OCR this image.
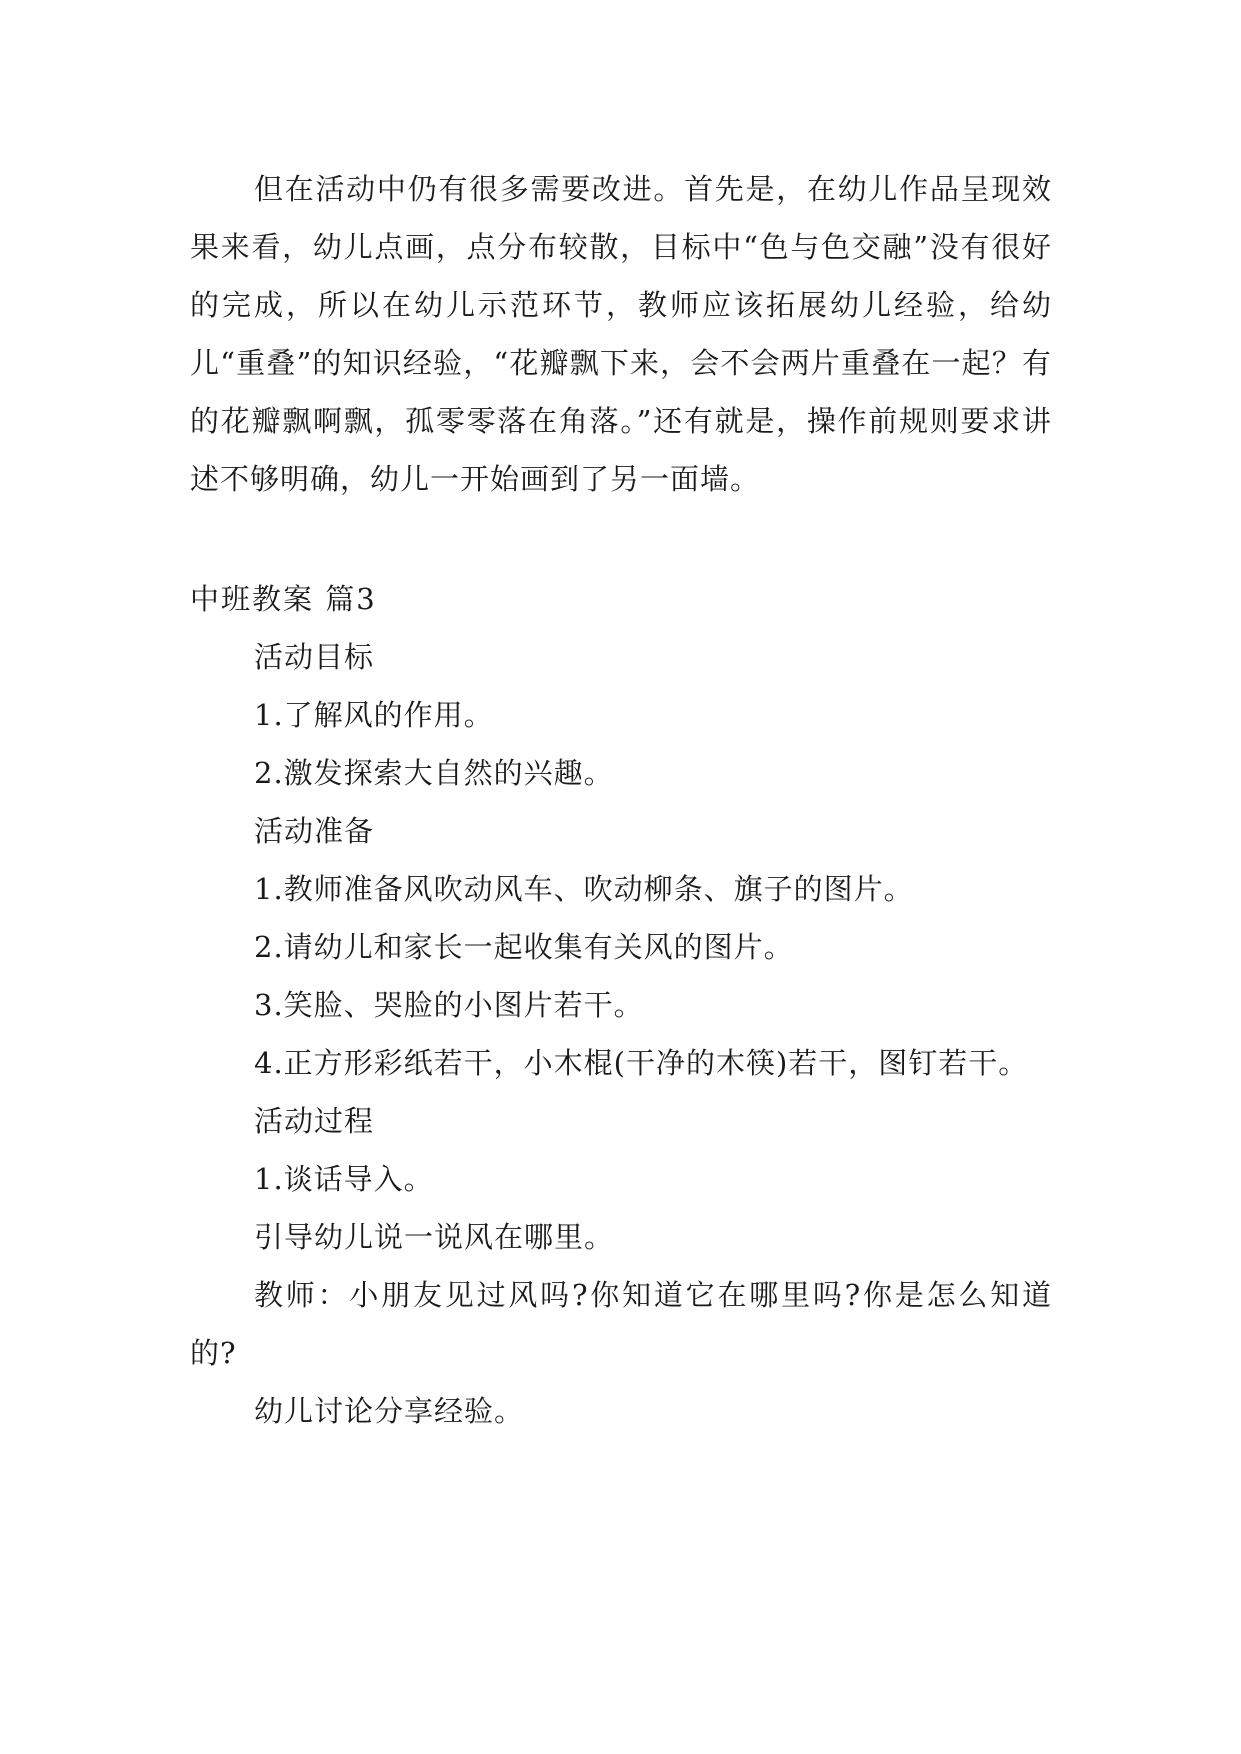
但在活动中仍有很多需要改进。首先是，在幼儿作品呈现效果来看，幼儿点画，点分布较散，目标中“色与色交融”没有很好的完成，所以在幼儿示范环节，教师应该拓展幼儿经验，给幼儿“重叠”的知识经验，“花瓣飘下来，会不会两片重叠在一起？有的花瓣飘啊飘，孤零零落在角落。”还有就是，操作前规则要求讲述不够明确，幼儿一开始画到了另一面墙。

中班教案 篇3

活动目标

1.了解风的作用。

2.激发探索大自然的兴趣。

活动准备

1.教师准备风吹动风车、吹动柳条、旗子的图片。

2.请幼儿和家长一起收集有关风的图片。

3.笑脸、哭脸的小图片若干。

4.正方形彩纸若干，小木棍(干净的木筷)若干，图钉若干。

活动过程

1.谈话导入。

引导幼儿说一说风在哪里。

教师：小朋友见过风吗?你知道它在哪里吗?你是怎么知道的?

幼儿讨论分享经验。
